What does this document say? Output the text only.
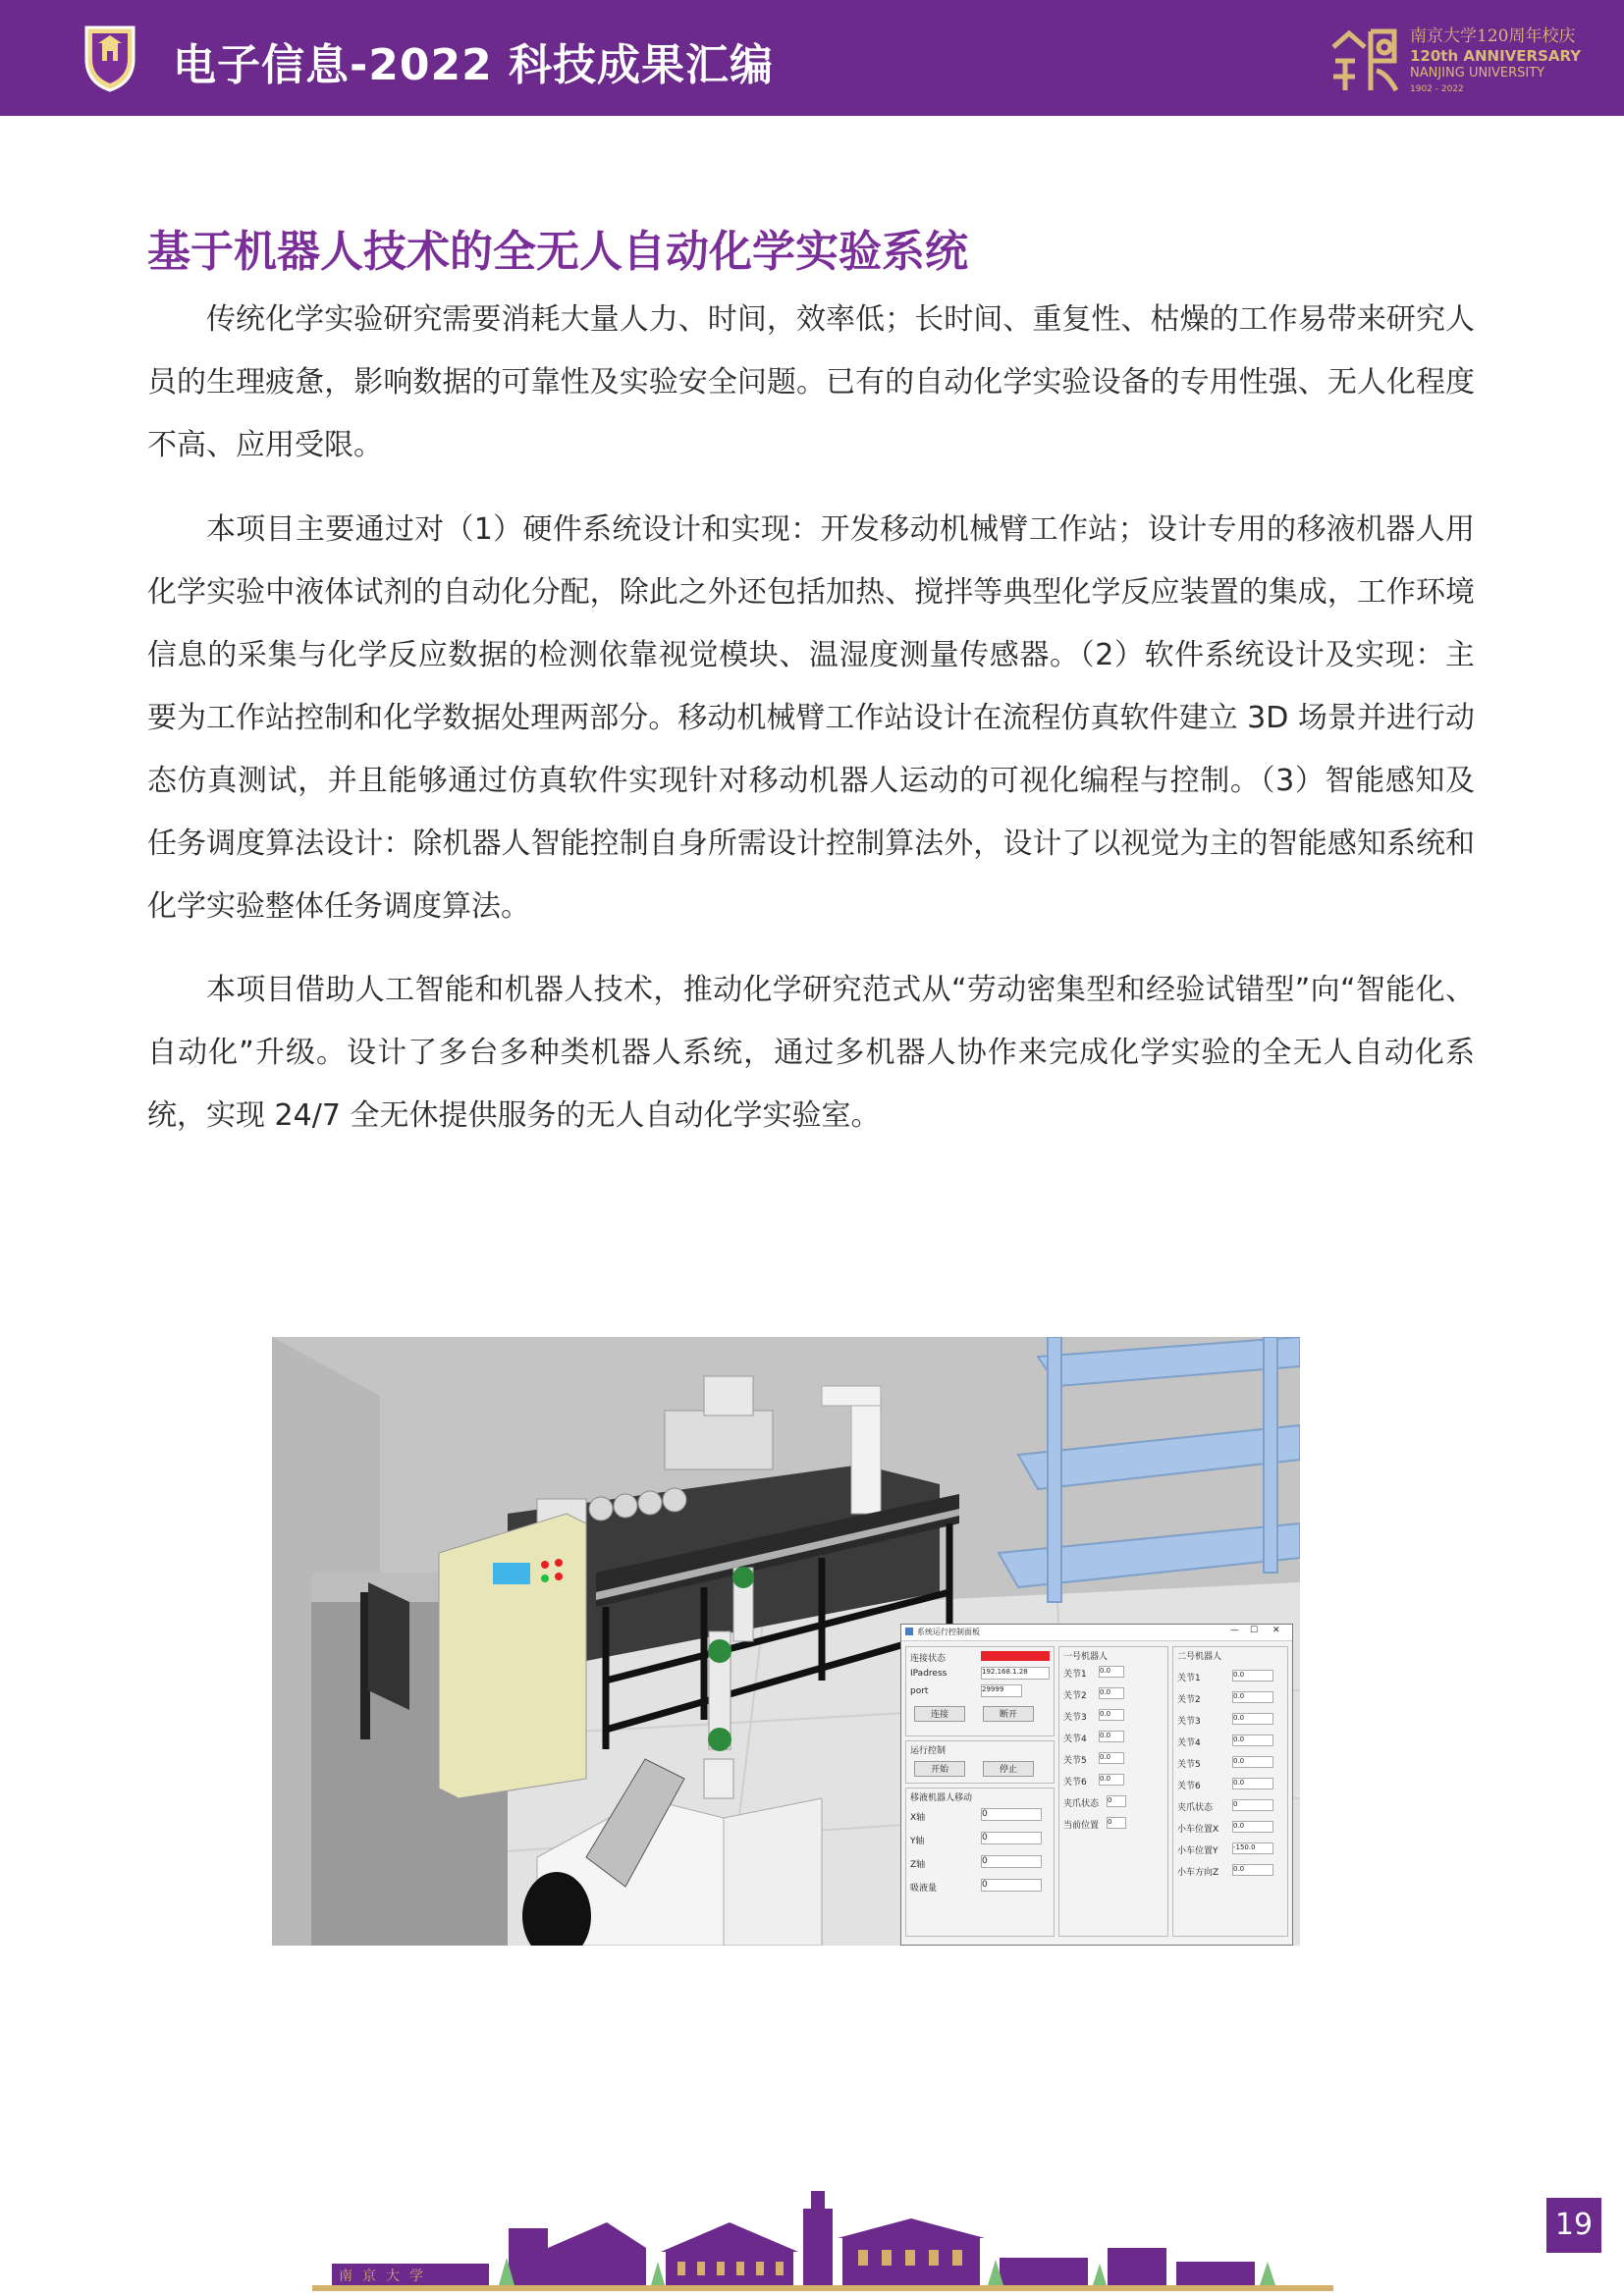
电子信息-2022 科技成果汇编
南京大学120周年校庆
120th ANNIVERSARY
NANJING UNIVERSITY
1902 - 2022
基于机器人技术的全无人自动化学实验系统
传统化学实验研究需要消耗大量人力、时间，效率低；长时间、重复性、枯燥的工作易带来研究人员的生理疲惫，影响数据的可靠性及实验安全问题。已有的自动化学实验设备的专用性强、无人化程度不高、应用受限。
本项目主要通过对（1）硬件系统设计和实现：开发移动机械臂工作站；设计专用的移液机器人用化学实验中液体试剂的自动化分配，除此之外还包括加热、搅拌等典型化学反应装置的集成，工作环境信息的采集与化学反应数据的检测依靠视觉模块、温湿度测量传感器。（2）软件系统设计及实现：主要为工作站控制和化学数据处理两部分。移动机械臂工作站设计在流程仿真软件建立 3D 场景并进行动态仿真测试，并且能够通过仿真软件实现针对移动机器人运动的可视化编程与控制。（3）智能感知及任务调度算法设计：除机器人智能控制自身所需设计控制算法外，设计了以视觉为主的智能感知系统和化学实验整体任务调度算法。
本项目借助人工智能和机器人技术，推动化学研究范式从“劳动密集型和经验试错型”向“智能化、自动化”升级。设计了多台多种类机器人系统，通过多机器人协作来完成化学实验的全无人自动化系统，实现 24/7 全无休提供服务的无人自动化学实验室。
系统运行控制面板	— ☐ ✕
连接状态
IPadress	192.168.1.28
port	29999
连接	断开
运行控制
开始	停止
移液机器人移动
X轴	0
Y轴	0
Z轴	0
吸液量	0
一号机器人
关节1 0.0
关节2 0.0
关节3 0.0
关节4 0.0
关节5 0.0
关节6 0.0
夹爪状态 0
当前位置 0
二号机器人
关节1	0.0
关节2	0.0
关节3	0.0
关节4	0.0
关节5	0.0
关节6	0.0
夹爪状态	0
小车位置X 0.0
小车位置Y -150.0
小车方向Z 0.0
南京大学
19
